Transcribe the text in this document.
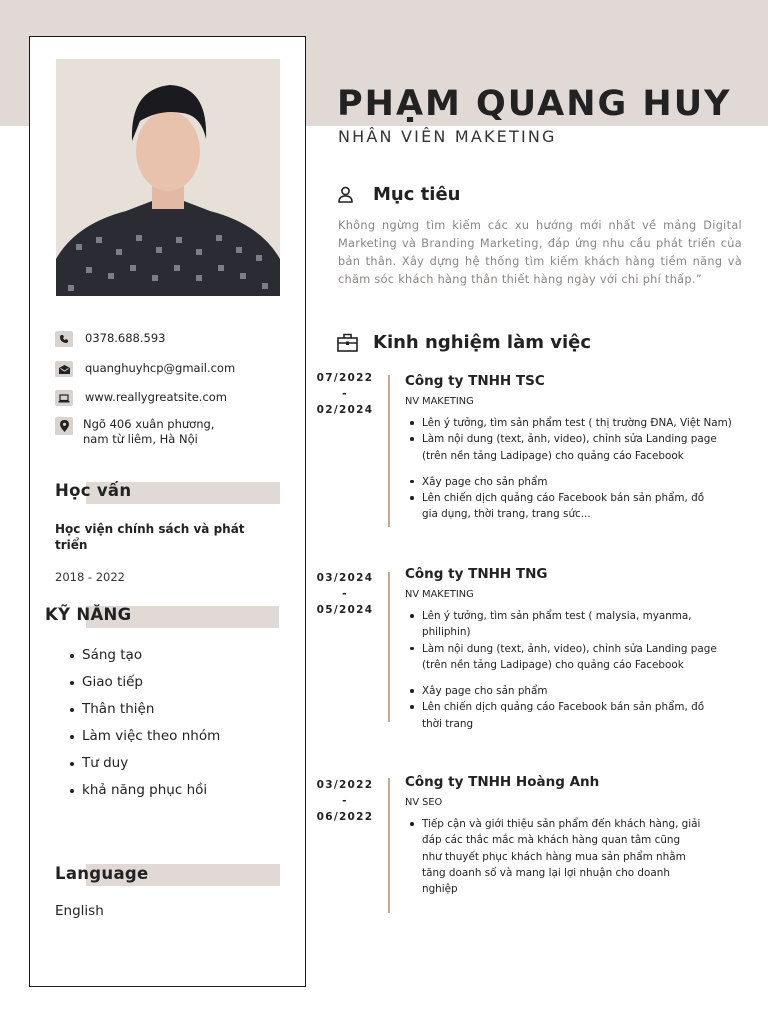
0378.688.593
quanghuyhcp@gmail.com
www.reallygreatsite.com
Ngõ 406 xuân phương,
nam từ liêm, Hà Nội
Học vấn
Học viện chính sách và phát triển
2018 - 2022
KỸ NĂNG
Sáng tạo
Giao tiếp
Thân thiện
Làm việc theo nhóm
Tư duy
khả năng phục hồi
Language
English
PHẠM QUANG HUY
NHÂN VIÊN MAKETING
Mục tiêu
Không ngừng tìm kiếm các xu hướng mới nhất về mảng Digital Marketing và Branding Marketing, đáp ứng nhu cầu phát triển của bản thân. Xây dựng hệ thống tìm kiếm khách hàng tiềm năng và chăm sóc khách hàng thân thiết hàng ngày với chi phí thấp.”
Kinh nghiệm làm việc
07/2022
-
02/2024
Công ty TNHH TSC
NV MAKETING
Lên ý tưởng, tìm sản phẩm test ( thị trường ĐNA, Việt Nam)
Làm nội dung (text, ảnh, video), chỉnh sửa Landing page (trên nền tảng Ladipage) cho quảng cáo Facebook
Xây page cho sản phẩm
Lên chiến dịch quảng cáo Facebook bán sản phẩm, đồ gia dụng, thời trang, trang sức...
03/2024
-
05/2024
Công ty TNHH TNG
NV MAKETING
Lên ý tưởng, tìm sản phẩm test ( malysia, myanma, philiphin)
Làm nội dung (text, ảnh, video), chỉnh sửa Landing page (trên nền tảng Ladipage) cho quảng cáo Facebook
Xây page cho sản phẩm
Lên chiến dịch quảng cáo Facebook bán sản phẩm, đồ thời trang
03/2022
-
06/2022
Công ty TNHH Hoàng Anh
NV SEO
Tiếp cận và giới thiệu sản phẩm đến khách hàng, giải đáp các thắc mắc mà khách hàng quan tâm cũng như thuyết phục khách hàng mua sản phẩm nhằm tăng doanh số và mang lại lợi nhuận cho doanh nghiệp
